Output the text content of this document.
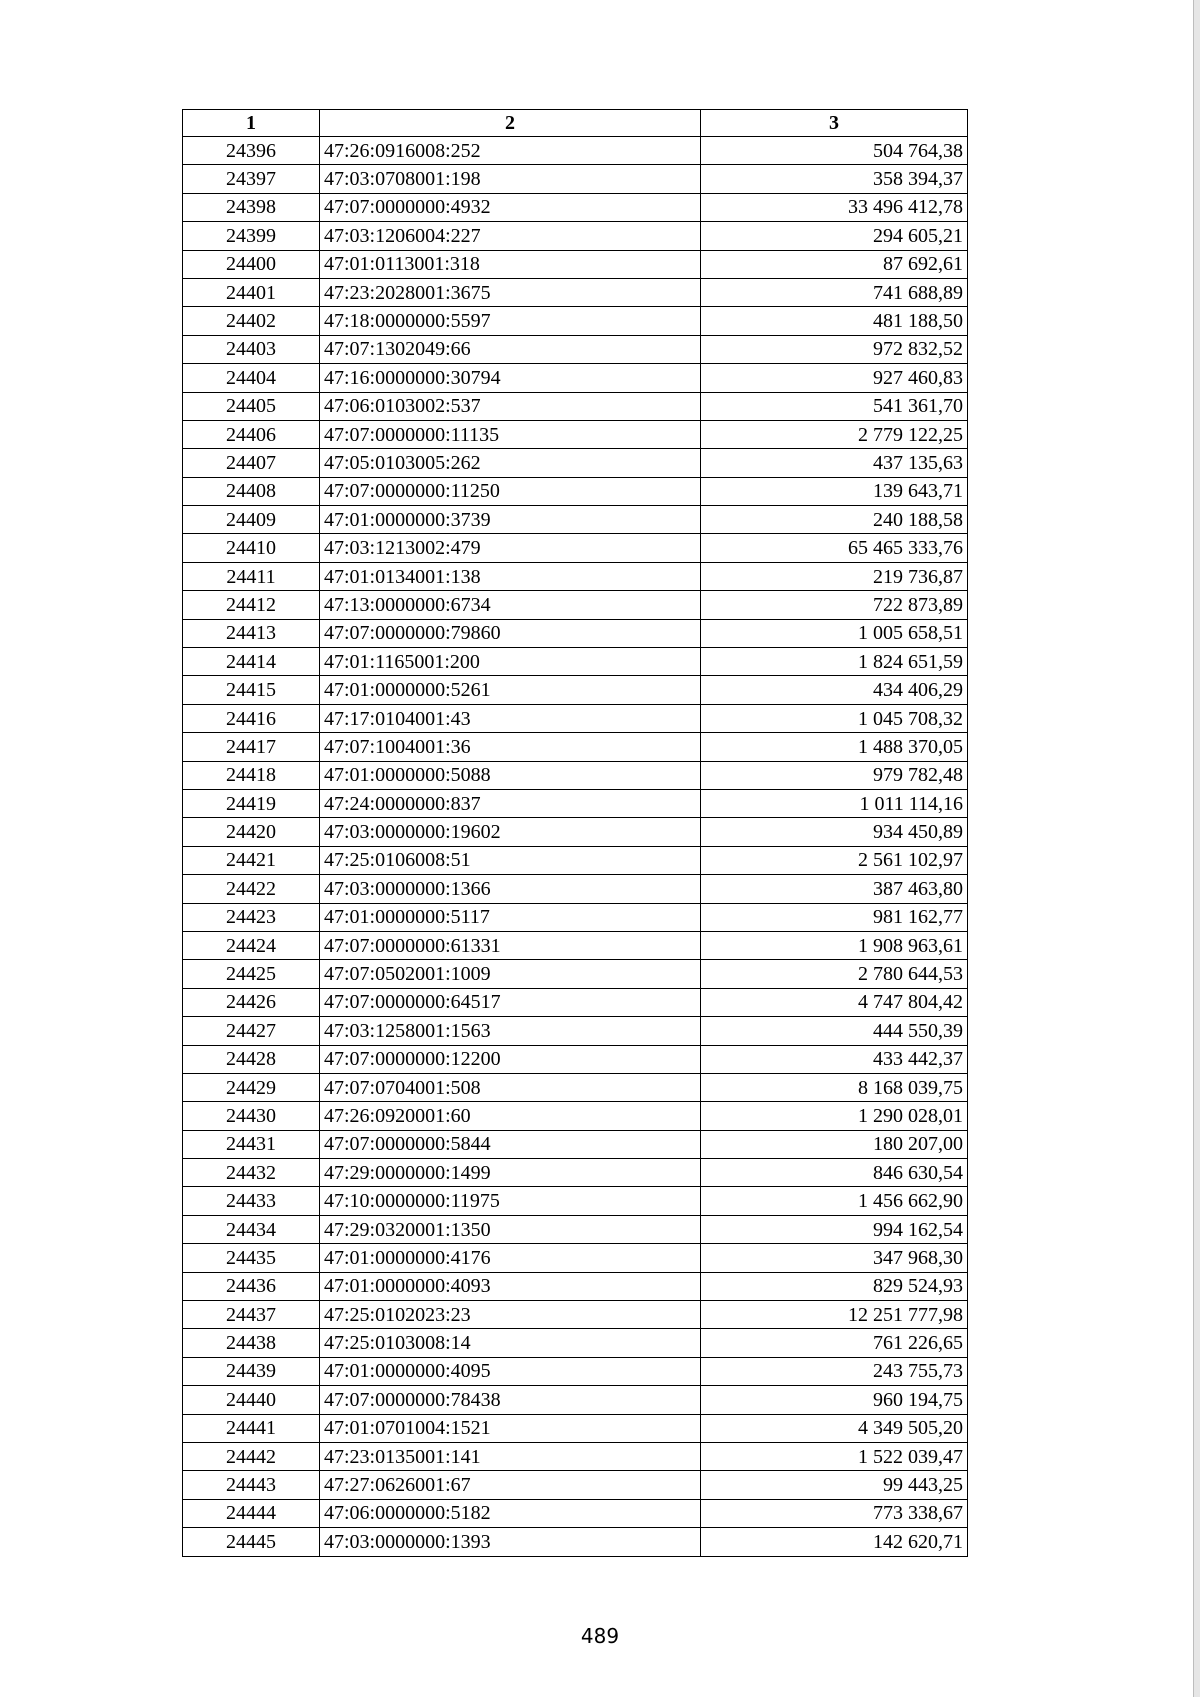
1	2	3
24396	47:26:0916008:252	504 764,38
24397	47:03:0708001:198	358 394,37
24398	47:07:0000000:4932	33 496 412,78
24399	47:03:1206004:227	294 605,21
24400	47:01:0113001:318	87 692,61
24401	47:23:2028001:3675	741 688,89
24402	47:18:0000000:5597	481 188,50
24403	47:07:1302049:66	972 832,52
24404	47:16:0000000:30794	927 460,83
24405	47:06:0103002:537	541 361,70
24406	47:07:0000000:11135	2 779 122,25
24407	47:05:0103005:262	437 135,63
24408	47:07:0000000:11250	139 643,71
24409	47:01:0000000:3739	240 188,58
24410	47:03:1213002:479	65 465 333,76
24411	47:01:0134001:138	219 736,87
24412	47:13:0000000:6734	722 873,89
24413	47:07:0000000:79860	1 005 658,51
24414	47:01:1165001:200	1 824 651,59
24415	47:01:0000000:5261	434 406,29
24416	47:17:0104001:43	1 045 708,32
24417	47:07:1004001:36	1 488 370,05
24418	47:01:0000000:5088	979 782,48
24419	47:24:0000000:837	1 011 114,16
24420	47:03:0000000:19602	934 450,89
24421	47:25:0106008:51	2 561 102,97
24422	47:03:0000000:1366	387 463,80
24423	47:01:0000000:5117	981 162,77
24424	47:07:0000000:61331	1 908 963,61
24425	47:07:0502001:1009	2 780 644,53
24426	47:07:0000000:64517	4 747 804,42
24427	47:03:1258001:1563	444 550,39
24428	47:07:0000000:12200	433 442,37
24429	47:07:0704001:508	8 168 039,75
24430	47:26:0920001:60	1 290 028,01
24431	47:07:0000000:5844	180 207,00
24432	47:29:0000000:1499	846 630,54
24433	47:10:0000000:11975	1 456 662,90
24434	47:29:0320001:1350	994 162,54
24435	47:01:0000000:4176	347 968,30
24436	47:01:0000000:4093	829 524,93
24437	47:25:0102023:23	12 251 777,98
24438	47:25:0103008:14	761 226,65
24439	47:01:0000000:4095	243 755,73
24440	47:07:0000000:78438	960 194,75
24441	47:01:0701004:1521	4 349 505,20
24442	47:23:0135001:141	1 522 039,47
24443	47:27:0626001:67	99 443,25
24444	47:06:0000000:5182	773 338,67
24445	47:03:0000000:1393	142 620,71
489
